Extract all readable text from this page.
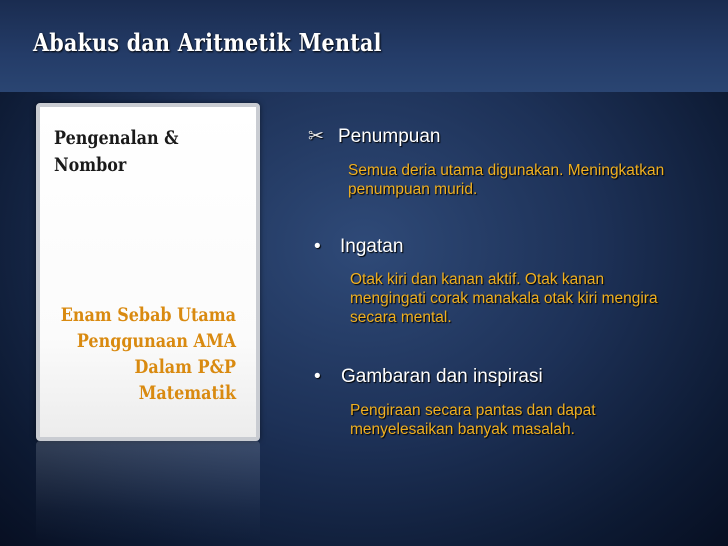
Abakus dan Aritmetik Mental

Pengenalan & Nombor

Enam Sebab Utama Penggunaan AMA Dalam P&P Matematik

✂ Penumpuan

Semua deria utama digunakan. Meningkatkan penumpuan murid.

• Ingatan

Otak kiri dan kanan aktif. Otak kanan mengingati corak manakala otak kiri mengira secara mental.

• Gambaran dan inspirasi

Pengiraan secara pantas dan dapat menyelesaikan banyak masalah.
